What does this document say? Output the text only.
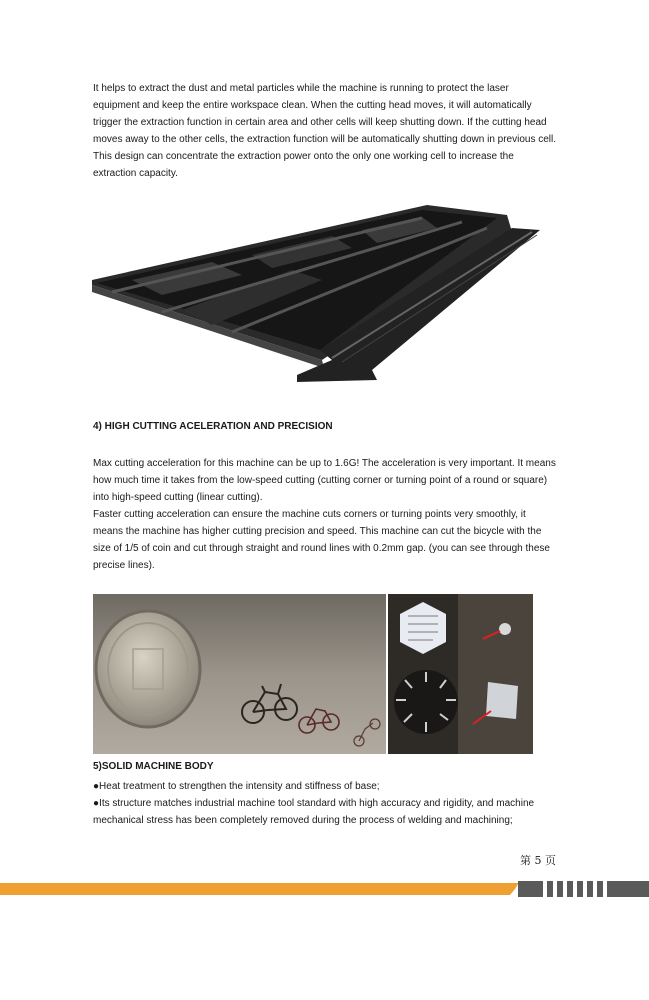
It helps to extract the dust and metal particles while the machine is running to protect the laser equipment and keep the entire workspace clean. When the cutting head moves, it will automatically trigger the extraction function in certain area and other cells will keep shutting down. If the cutting head moves away to the other cells, the extraction function will be automatically shutting down in previous cell. This design can concentrate the extraction power onto the only one working cell to increase the extraction capacity.

4) HIGH CUTTING ACELERATION AND PRECISION

Max cutting acceleration for this machine can be up to 1.6G! The acceleration is very important. It means how much time it takes from the low-speed cutting (cutting corner or turning point of a round or square) into high-speed cutting (linear cutting).

Faster cutting acceleration can ensure the machine cuts corners or turning points very smoothly, it means the machine has higher cutting precision and speed. This machine can cut the bicycle with the size of 1/5 of coin and cut through straight and round lines with 0.2mm gap. (you can see through these precise lines).

5)SOLID MACHINE BODY

●Heat treatment to strengthen the intensity and stiffness of base;
●Its structure matches industrial machine tool standard with high accuracy and rigidity, and machine mechanical stress has been completely removed during the process of welding and machining;

第 5 页
